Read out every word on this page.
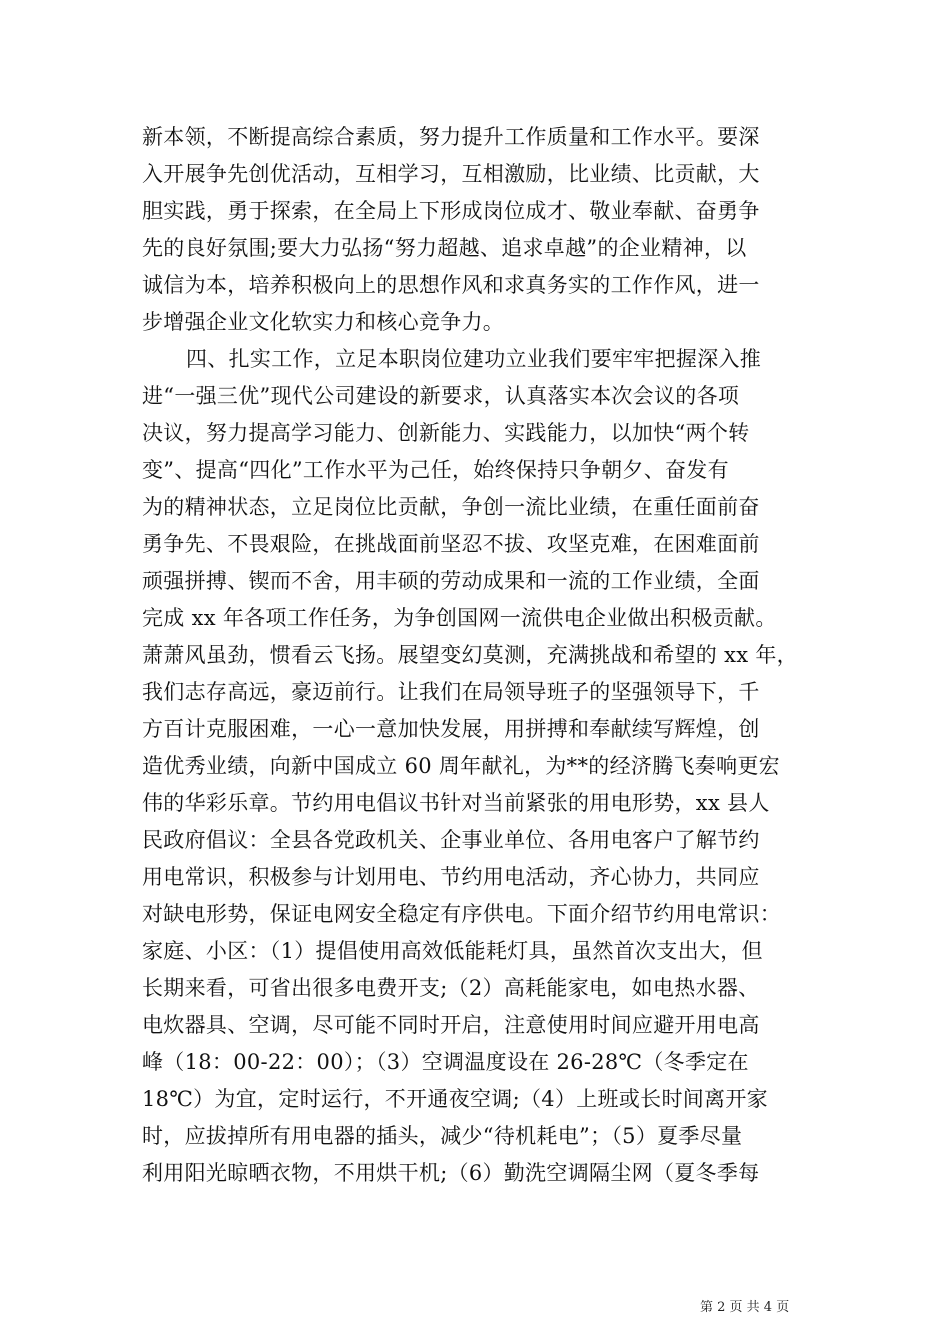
新本领，不断提高综合素质，努力提升工作质量和工作水平。要深
入开展争先创优活动，互相学习，互相激励，比业绩、比贡献，大
胆实践，勇于探索，在全局上下形成岗位成才、敬业奉献、奋勇争
先的良好氛围;要大力弘扬“努力超越、追求卓越”的企业精神，以
诚信为本，培养积极向上的思想作风和求真务实的工作作风，进一
步增强企业文化软实力和核心竞争力。
四、扎实工作，立足本职岗位建功立业我们要牢牢把握深入推
进“一强三优”现代公司建设的新要求，认真落实本次会议的各项
决议，努力提高学习能力、创新能力、实践能力，以加快“两个转
变”、提高“四化”工作水平为己任，始终保持只争朝夕、奋发有
为的精神状态，立足岗位比贡献，争创一流比业绩，在重任面前奋
勇争先、不畏艰险，在挑战面前坚忍不拔、攻坚克难，在困难面前
顽强拼搏、锲而不舍，用丰硕的劳动成果和一流的工作业绩，全面
完成 xx 年各项工作任务，为争创国网一流供电企业做出积极贡献。
萧萧风虽劲，惯看云飞扬。展望变幻莫测，充满挑战和希望的 xx 年，
我们志存高远，豪迈前行。让我们在局领导班子的坚强领导下，千
方百计克服困难，一心一意加快发展，用拼搏和奉献续写辉煌，创
造优秀业绩，向新中国成立 60 周年献礼，为**的经济腾飞奏响更宏
伟的华彩乐章。节约用电倡议书针对当前紧张的用电形势，xx 县人
民政府倡议：全县各党政机关、企事业单位、各用电客户了解节约
用电常识，积极参与计划用电、节约用电活动，齐心协力，共同应
对缺电形势，保证电网安全稳定有序供电。下面介绍节约用电常识：
家庭、小区：（1）提倡使用高效低能耗灯具，虽然首次支出大，但
长期来看，可省出很多电费开支;（2）高耗能家电，如电热水器、
电炊器具、空调，尽可能不同时开启，注意使用时间应避开用电高
峰（18：00-22：00）；（3）空调温度设在 26-28℃（冬季定在
18℃）为宜，定时运行，不开通夜空调;（4）上班或长时间离开家
时，应拔掉所有用电器的插头，减少“待机耗电”；（5）夏季尽量
利用阳光晾晒衣物，不用烘干机;（6）勤洗空调隔尘网（夏冬季每
第 2 页 共 4 页
